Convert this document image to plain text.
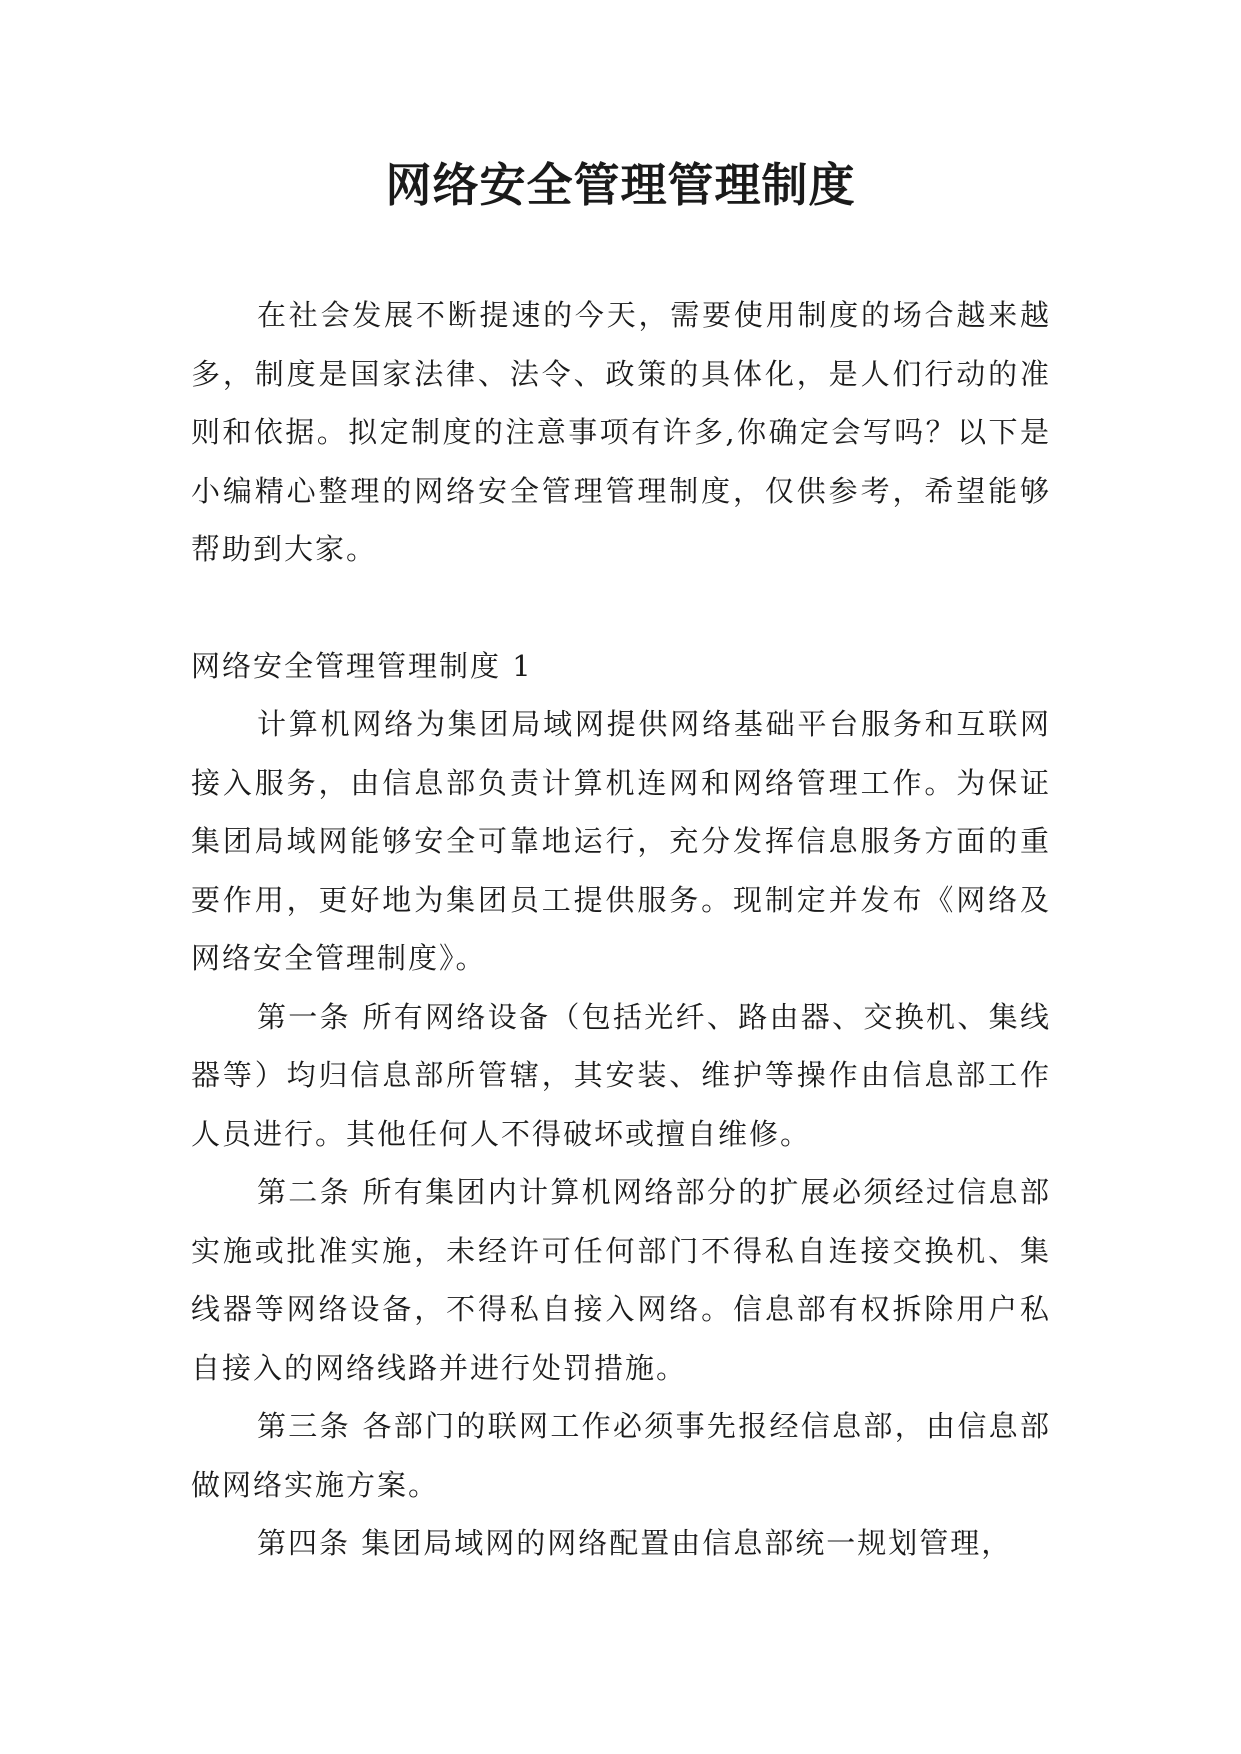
网络安全管理管理制度

在社会发展不断提速的今天，需要使用制度的场合越来越多，制度是国家法律、法令、政策的具体化，是人们行动的准则和依据。拟定制度的注意事项有许多,你确定会写吗？以下是小编精心整理的网络安全管理管理制度，仅供参考，希望能够帮助到大家。

网络安全管理管理制度 1

计算机网络为集团局域网提供网络基础平台服务和互联网接入服务，由信息部负责计算机连网和网络管理工作。为保证集团局域网能够安全可靠地运行，充分发挥信息服务方面的重要作用，更好地为集团员工提供服务。现制定并发布《网络及网络安全管理制度》。

第一条 所有网络设备（包括光纤、路由器、交换机、集线器等）均归信息部所管辖，其安装、维护等操作由信息部工作人员进行。其他任何人不得破坏或擅自维修。

第二条 所有集团内计算机网络部分的扩展必须经过信息部实施或批准实施，未经许可任何部门不得私自连接交换机、集线器等网络设备，不得私自接入网络。信息部有权拆除用户私自接入的网络线路并进行处罚措施。

第三条 各部门的联网工作必须事先报经信息部，由信息部做网络实施方案。

第四条 集团局域网的网络配置由信息部统一规划管理，
